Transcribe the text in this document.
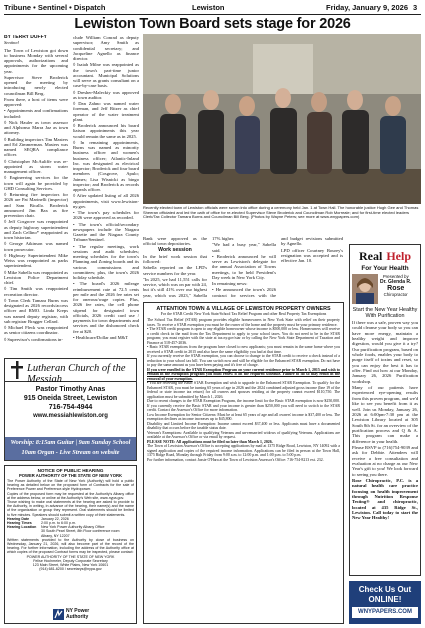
Tribune • Sentinel • Dispatch	Lewiston	Friday, January 9, 2026 3
Lewiston Town Board sets stage for 2026
BY TERRY DUFFY
Sentinel

The Town of Lewiston got down to business Monday with several approvals, authorizations and appointments for the upcoming year.

Supervisor Steve Broderick opened the meeting by introducing newly elected councilman Bill Berg.

From there, a host of items were approved:

• Appointments and confirmations included:

◊ Nick Hauler as town assessor and Alphonso Marra Jaz as town attorney.

◊ Building inspectors Tim Masters and Ed Zimmerman. Masters was named SEQRA compliance officer.

◊ Christopher McAuliffe was re-appointed as storm water management officer.

◊ Engineering services for the town will again be provided by GHD Consulting Services.

◊ Returning fire inspectors for 2026 are Pat Marinelli (inspector) and Sam Bicallo. Broderick announced Jim Bax as fire prevention chair.

◊ Jeff Cosgrove was reappointed as deputy highway superintendent and Zach Cellino* reappointed as town historian.

◊ George Atkinson was named town prosecutor.

◊ Highway Superintendent Mike Weiss was reappointed as parks superintendent.

◊ Mike Sabella was reappointed as Lewiston Police Department chief.

◊ Tim Smith was reappointed recreation director.

◊ Town Clerk Tamara Burns was designated as 2026 records/access officer and RMO. Linda Kreps was named deputy registrar, with sub registrar Bragger Cellard.

◊ Michael Fleck was reappointed as senior citizens coordinator.

◊ Supervisor's confirmations in-

clude William Conrad as deputy supervisor; Amy Smith as confidential secretary; and Jacqueline Agnello as finance director.

◊ Isaiah Milne was reappointed as the town's part-time junior accountant. Municipal Solutions will serve as grants consultant on a case-by-case basis.

◊ Dresher-Maleckiy was approved as town auditor.

◊ Dan Zahno was named water foreman, and Jeff Ritzer as chief operator of the water treatment plant.

◊ Broderick announced his board liaison appointments this year would remain the same as in 2025.

◊ In remaining appointments, Burns was named as minority business officer and women's business officer; Atlantic-Inland Inc. was designated as electrical inspector; Broderick and four board members (Cosgrove, Apulo; Jaimes; Lisa Wisnicki as bingo inspector; and Broderick as records appeals officer.

◊ After updated listing of all 2026 appointments, visit www.lewiston-ny.gov.

• The town's pay schedules for 2026 were approved as recorded.

• The town's official/secondary newspapers include the Niagara Gazette and the Niagara County Tribune/Sentinel.

• The regular meetings, work sessions and audit schedules; meeting schedules for the town's Planning and Zoning boards and its various commissions and committees; plus, the town's 2026 holiday schedule.

• The board's 2026 mileage reimbursement rate at 72.5 cents per mile and the 2026 fee rates set for onerous/wage copies. Plus, 2026 fee rates, the cell phone stipend for designated town officials, 2026 credit card use / payments for town departments and services and the dishonored check fee at $20.

• Healthcare/Dollar and M&T

Recently elected town of Lewiston officials were sworn into office during a ceremony held Jan. 1 at Town Hall. The honorable justice Hugh Gee and Thomas Sheeran officiated and led the oath of office for re-elected Supervisor Steve Broderick and Councilman Rob Morreale; and for first-time elected leaders Clerk/Tax Collector Tamara Burns and Councilman Bill Berg. (Photos by Wayne Peters; see more at www.wnypapers.com)

Bank were approved as the official town depositories.

Work session

In the brief work session that followed:

Sabella reported on the LPD's service numbers for the year.

"In 2025, we had 11,551 calls for service, which was on par with 24, but it's still 41% over our highest year, which was 2023," Sabella

17% higher.

"We had a busy year," Sabella said.

• Broderick announced he will serve as Lewiston's delegate for the annual Association of Towns meetings, to be held President's Day week in New York City.

In remaining news:

• He announced the town's 2026 contract for services with the

and budget revisions submitted by Agnello.

LPD officer Courtney Bourey's resignation was accepted and is effective Jan. 10.

ATTENTION TOWN & VILLAGE OF LEWISTON PROPERTY OWNERS
For the STAR Credit New York State/School Tax Relief Program and other Real Property Tax Exemptions
The School Tax Relief (STAR) program provides eligible homeowners in New York State with relief on their property taxes. To receive a STAR exemption you must be the owner of the home and the property must be your primary residence.
• The STAR credit program is open to any eligible homeowner whose income is $500,000 or less. Homeowners will receive a credit check in the mail from the Tax Department to apply to your school taxes. You do not need to be in the STAR program; you must register with the state at tax.ny.gov/star or by calling the New York State Department of Taxation and Finance at 518-457-2036.
• Basic STAR exemptions from the program have closed to new applicants; you must remain in the same home where you received a STAR credit in 2015 and also have the same eligibility you had at that time.
If you currently receive the STAR exemption, you can choose to change to the STAR credit to receive a check instead of a reduction to your school tax bill. You can switch now and still be eligible for the Enhanced STAR exemption. Do not have to pay the same amount as you have been paying and it's free of charge.
If you were enrolled in the STAR Exemption Program on your current residence prior to March 1, 2015 and wish to remain in the exemption program you must renew it on the required schedule. Failure to do so may result in the removal of your exemption.
• You are receiving the Basic STAR Exemption and wish to upgrade to the Enhanced STAR Exemption. To qualify for the Enhanced STAR, you must be turning 65 years of age in 2026 and the 2024 combined adjusted gross income (line 19 of the federal or state income tax return) for all owners and spouses residing at the property cannot exceed $110,750. The application must be submitted by March 1, 2026.
Due to recent changes to the STAR Exemption Program, the income limit for the Basic STAR exemption is now $250,000. If you currently receive the Basic STAR and your income is greater than $250,000 you will need to switch to the STAR credit. Contact the Assessor's Office for more information.
Low Income Exemption for Senior Citizens: Must be at least 65 years of age and all owners' income is $37,400 or less. The exemption declines as income increases up to $45,800.
Disability and Limited Income Exemption: Income cannot exceed $37,400 or less. Applicants must have a documented disability that occurs before the taxable status date.
Veteran's Exemptions: Available to qualifying Veterans and un-remarried widows of qualifying Veterans. Applications are available at the Assessor's Office or via email by request.
PLEASE NOTE: All applications must be filed no later than March 1, 2026.
The Town of Lewiston Assessor's Office is accepting applications by mail at 1375 Ridge Road, Lewiston, NY 14092 with a signed application and copies of the required income information. Applications can be filed in person at the Town Hall, 1375 Ridge Road, Monday through Friday from 9:00 a.m. to 12:00 p.m. and 1:00 p.m. to 5:00 p.m.
For further information, contact Jassie O'Hara at the Town of Lewiston Assessor's Office: 716-754-8213 ext. 232.
Lutheran Church of the Messiah
Pastor Timothy Anas
915 Oneida Street, Lewiston
716-754-4944
www.messiahlewiston.org
Worship: 8:15am Guitar | 9am Sunday School
10am Organ - Live Stream on website
NOTICE OF PUBLIC HEARING
POWER AUTHORITY OF THE STATE OF NEW YORK
The Power Authority of the State of New York (Authority) will hold a public hearing as detailed below on the proposed form of Contracts for the sale of Preference Power and Preference-style Hydropower.
Copies of the proposed form may be requested at the Authority's Albany office at the address below, or online at the Authority's Web site, www.nypa.gov.
Those wishing to make oral statements at the hearing are asked to provide to the Authority, in writing, in advance of the hearing, their name(s) and the name of the organization or group they represent. Oral statements should be limited to five minutes. Speakers should submit a written copy of their statements.
Hearing Date	January 22, 2026
Hearing Times	2:00 p.m. to 6:00 p.m.
Hearing Location	New York Power Authority Albany Office
30 South Pearl Street, 8th Floor conference room
Albany, NY 12207
Written statements provided to the Authority by close of business on Wednesday, January 21, 2026, will also become part of the record of the hearing. For further information, including the address of the Authority office at which copies of the proposed Contract forms may be inspected, please contact:
POWER AUTHORITY OF THE STATE OF NEW YORK
Felise Hochmeier, Deputy Corporate Secretary
123 Main Street, White Plains, New York 10601
(914) 681-6200 / secretarys@nypa.gov
NY Power Authority
Real Help
For Your Health
Presented by
Dr. Glenda R.
Rose
Chiropractor
Start the New Year Healthy With Purification

If there was a safe, proven way you could cleanse your body so you can have more energy, maintain a healthy weight and improve digestion, would you give it a try? Our purification program, based on whole foods, enables your body to purge itself of toxins and reset, so you can enjoy the best it has to offer. Find out how at our Monday, January 26, 2026 Purification workshop.

Many of our patients have experienced eye-opening results from this proven program, and we'd like to see you benefit from it as well. Join us Monday, January 26, 2026 at 6:00pm-7:30 pm at the Lewiston Library located at 305 South 8th St. for an overview of the purification process and Q & A. This program can make a difference in your health.

Please RSVP to (716)754-9039 and ask for Debbie. Attendees will receive a free consultation and evaluation at no charge as our New Year's gift to you! We look forward to seeing you there.

Rose Chiropractic, P.C. is a natural health care practice focusing on health improvement through Nutrition Response Testing® and chiropractic, located at 435 Ridge St., Lewiston. Call today to start the New Year Healthy!

Check Us Out
ONLINE!
WNYPAPERS.COM
